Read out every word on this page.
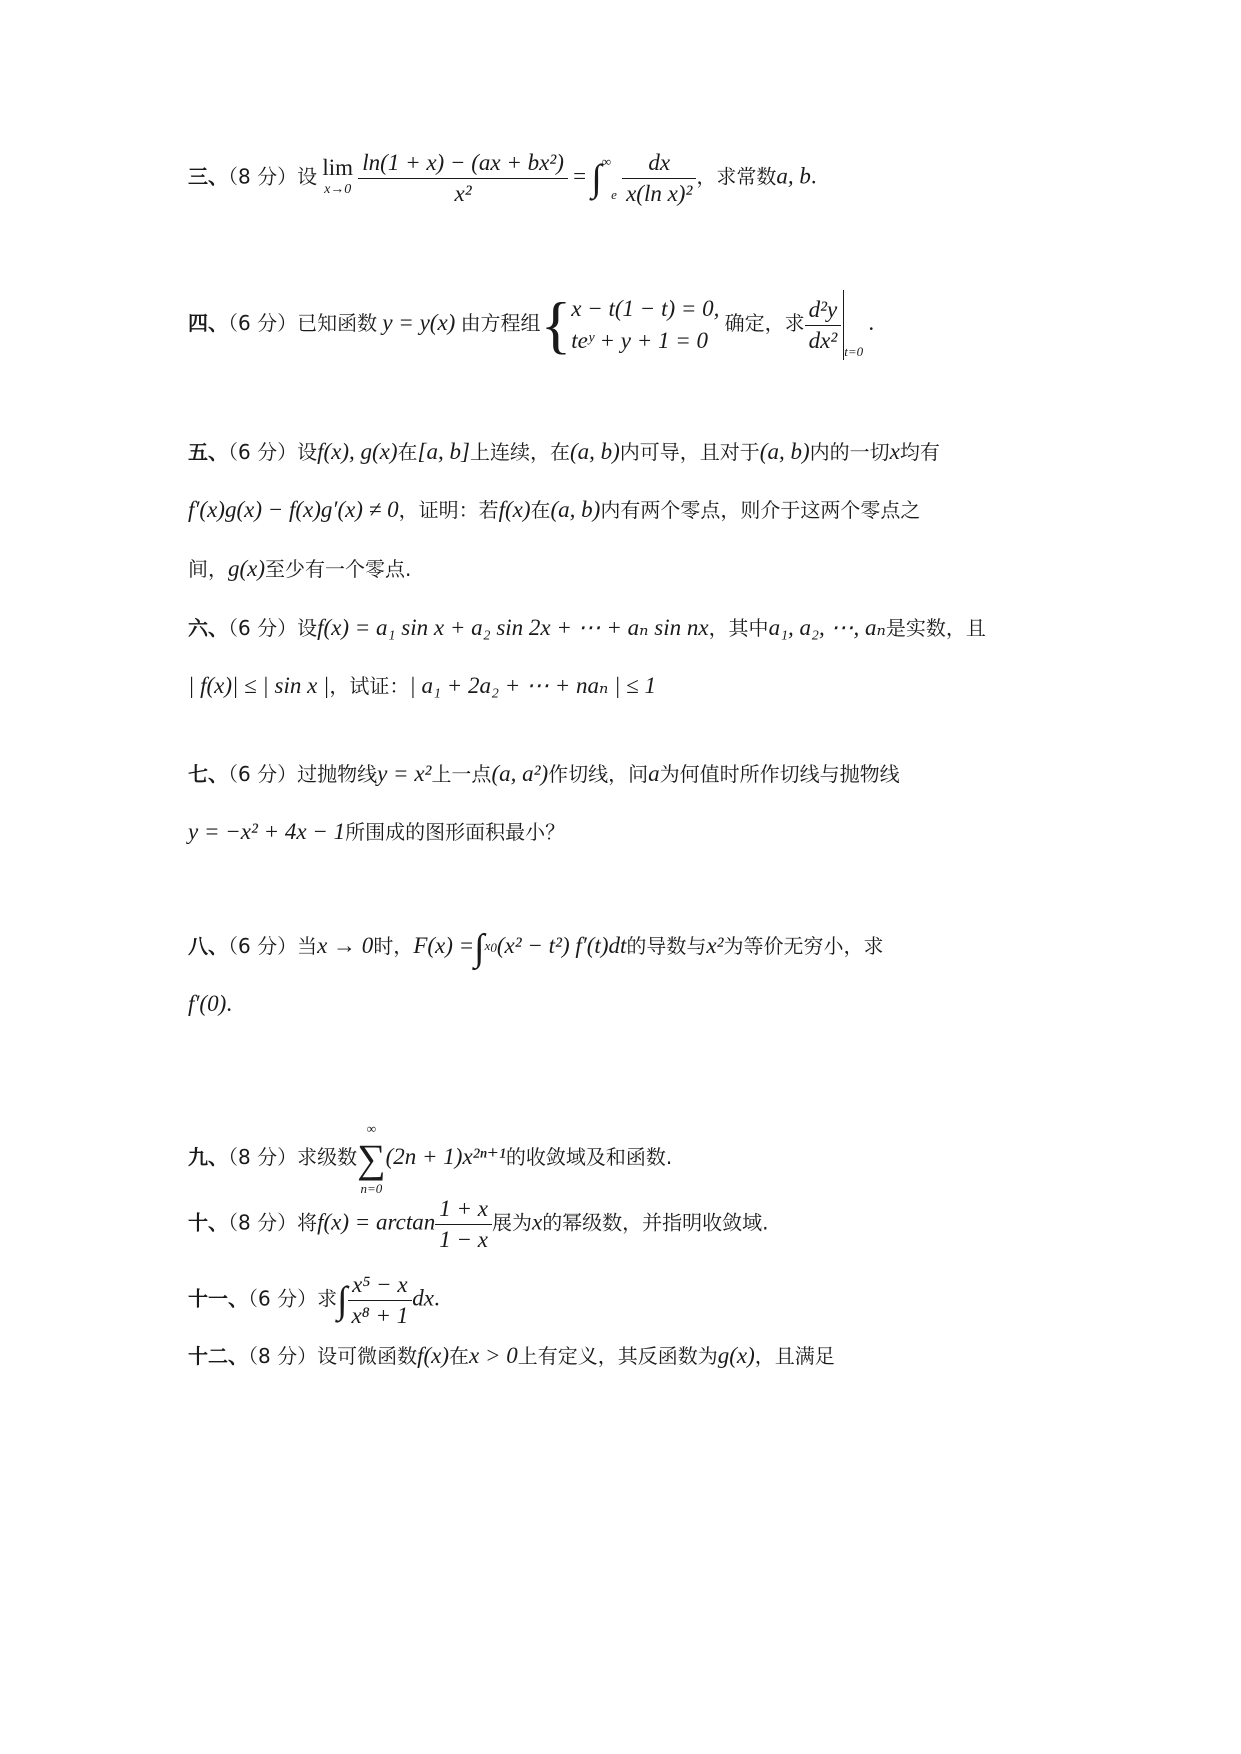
三、（8 分）设 lim
x→0
$\frac{\text{ln(1 + x) − (ax + bx²)}}{\text{x²}} = \int^\infty e \frac{dx}{\text{x(ln x)²}}$ ，求常数a, b.
四、（6 分）已知函数 y = y(x) 由方程组{ x − t(1 − t) = 0,
teʸ + y + 1 = 0
确定，求 $\frac{\text{d²y}}{\text{dx²}} _{t=0}$ .
五、（6 分）设f(x), g(x)在[a, b]上连续，在(a, b)内可导，且对于(a, b)内的一切x均有
f′(x)g(x) − f(x)g′(x) ≠ 0，证明：若f(x)在(a, b)内有两个零点，则介于这两个零点之
间，g(x)至少有一个零点.
六、（6 分）设f(x) = a₁ sin x + a₂ sin 2x + ⋯ + aₙ sin nx，其中a₁, a₂, ⋯, aₙ是实数，且
| f(x)| ≤ | sin x |，试证：| a₁ + 2a₂ + ⋯ + naₙ | ≤ 1
七、（6 分）过抛物线y = x²上一点(a, a²)作切线，问a为何值时所作切线与抛物线
y = −x² + 4x − 1所围成的图形面积最小？
八、（6 分）当x → 0时，F(x) =∫$^x$0(x² − t²) f′(t)dt的导数与x²为等价无穷小，求
f′(0).
九、（8 分）求级数
∞
∑
n=0
(2n + 1)x²ⁿ⁺¹的收敛域及和函数.
十、（8 分）将$f(x) = \arctan \frac{1 + x}{1 - x}$ 展为x的幂级数，并指明收敛域.
十一、（6 分）求∫ $\frac{\text{x⁵ − x}}{\text{x⁸ + 1}}$ dx.
十二、（8 分）设可微函数f(x)在x > 0上有定义，其反函数为g(x)，且满足
